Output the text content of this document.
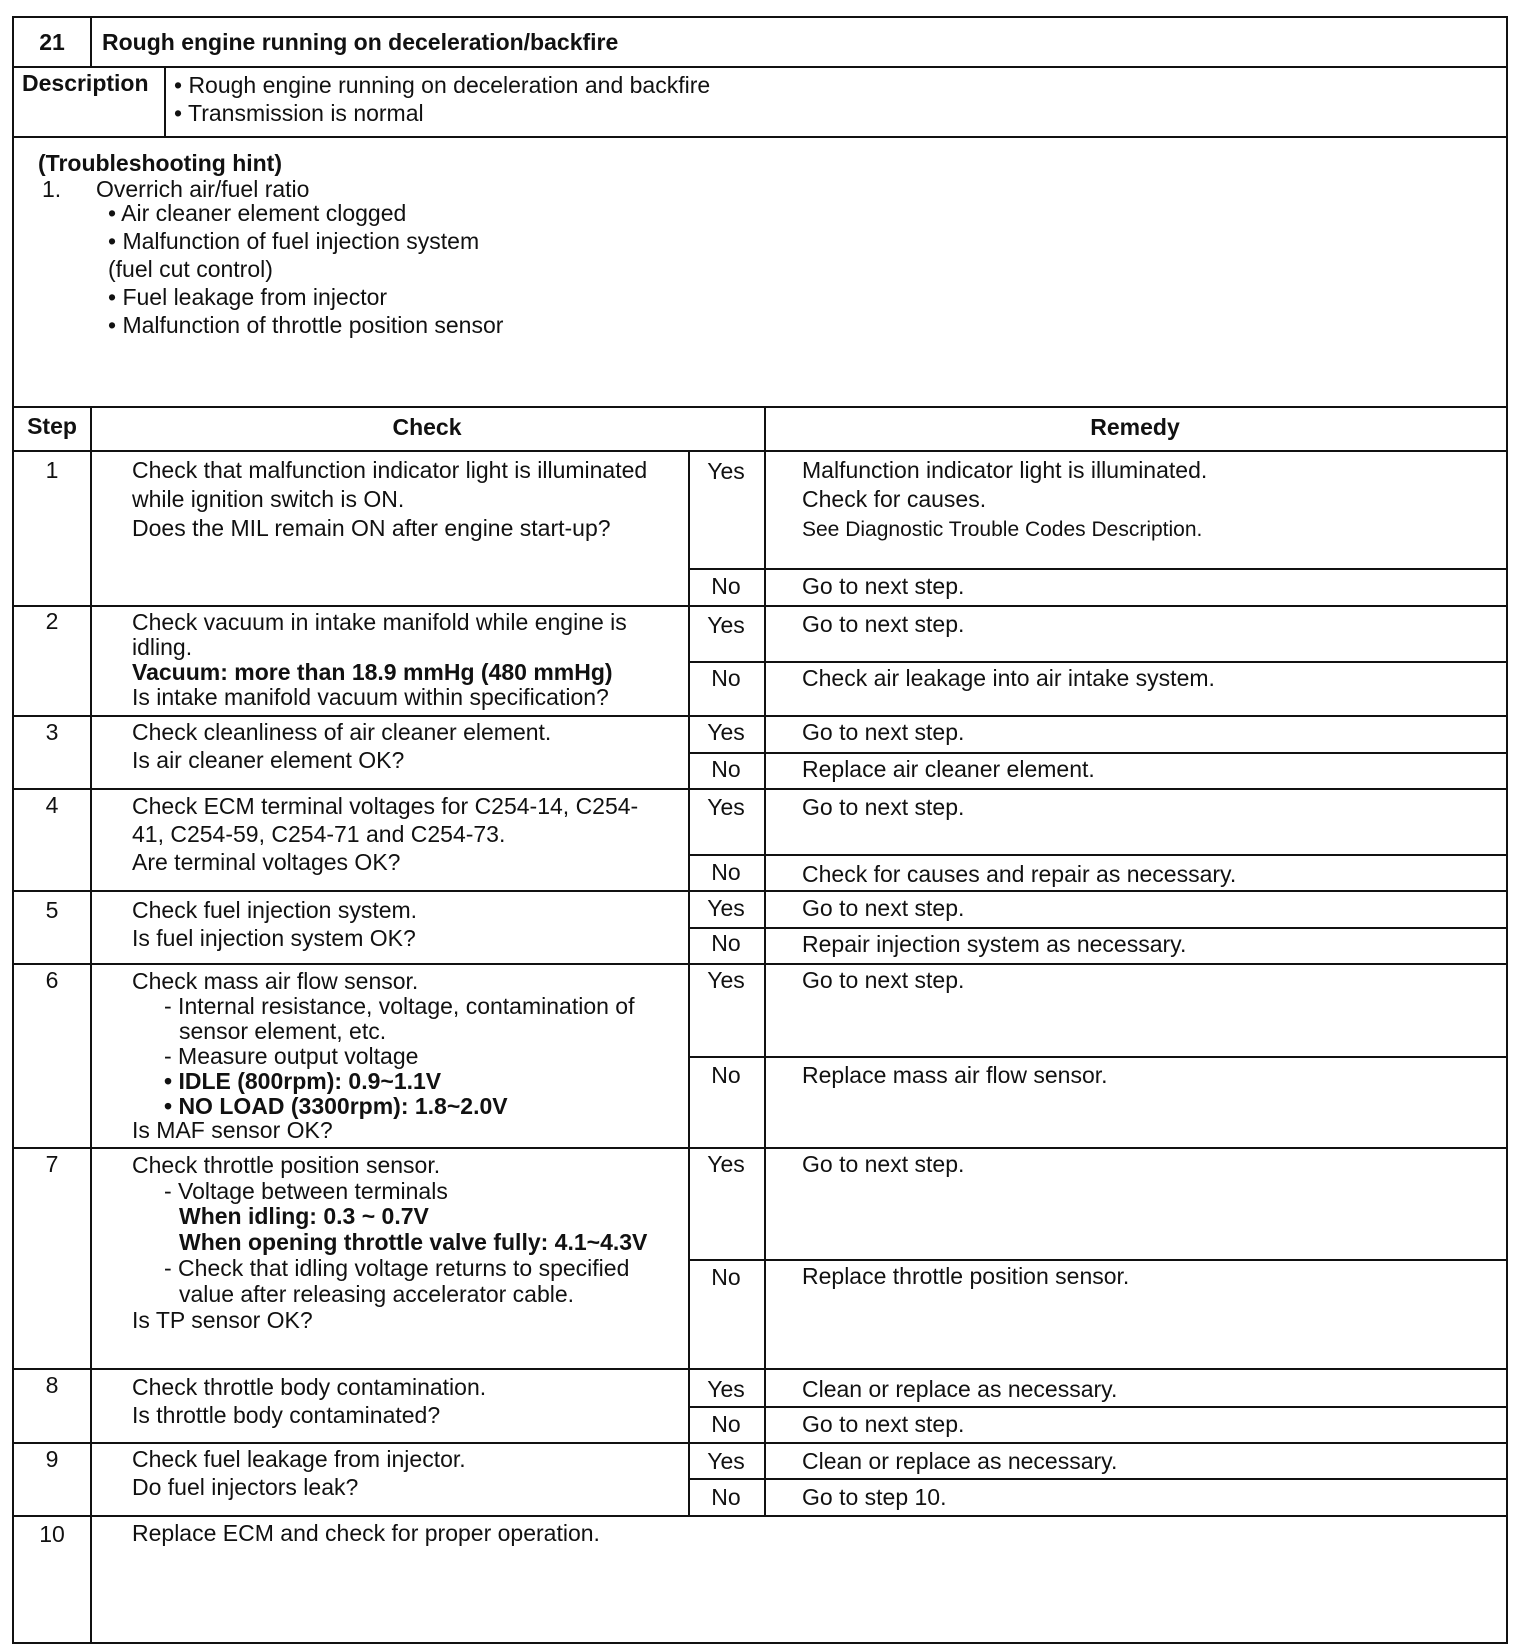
21	Rough engine running on deceleration/backfire
Description • Rough engine running on deceleration and backfire
• Transmission is normal
(Troubleshooting hint)
1. Overrich air/fuel ratio
• Air cleaner element clogged
• Malfunction of fuel injection system
(fuel cut control)
• Fuel leakage from injector
• Malfunction of throttle position sensor
Step	Check	Remedy
1	Check that malfunction indicator light is illuminated
while ignition switch is ON.
Does the MIL remain ON after engine start-up?
Yes	Malfunction indicator light is illuminated.
Check for causes.
See Diagnostic Trouble Codes Description.
No	Go to next step.
2	Check vacuum in intake manifold while engine is
idling.
Vacuum: more than 18.9 mmHg (480 mmHg)
Is intake manifold vacuum within specification?
Yes	Go to next step.
No	Check air leakage into air intake system.
3	Check cleanliness of air cleaner element.
Is air cleaner element OK?
Yes	Go to next step.
No	Replace air cleaner element.
4	Check ECM terminal voltages for C254-14, C254-
41, C254-59, C254-71 and C254-73.
Are terminal voltages OK?
Yes	Go to next step.
No	Check for causes and repair as necessary.
5	Check fuel injection system.
Is fuel injection system OK?
Yes	Go to next step.
No	Repair injection system as necessary.
6	Check mass air flow sensor.
- Internal resistance, voltage, contamination of
sensor element, etc.
- Measure output voltage
• IDLE (800rpm): 0.9~1.1V
• NO LOAD (3300rpm): 1.8~2.0V
Is MAF sensor OK?
Yes	Go to next step.
No	Replace mass air flow sensor.
7	Check throttle position sensor.
- Voltage between terminals
When idling: 0.3 ~ 0.7V
When opening throttle valve fully: 4.1~4.3V
- Check that idling voltage returns to specified
value after releasing accelerator cable.
Is TP sensor OK?
Yes	Go to next step.
No	Replace throttle position sensor.
8	Check throttle body contamination.
Is throttle body contaminated?
Yes	Clean or replace as necessary.
No	Go to next step.
9	Check fuel leakage from injector.
Do fuel injectors leak?
Yes	Clean or replace as necessary.
No	Go to step 10.
10	Replace ECM and check for proper operation.
